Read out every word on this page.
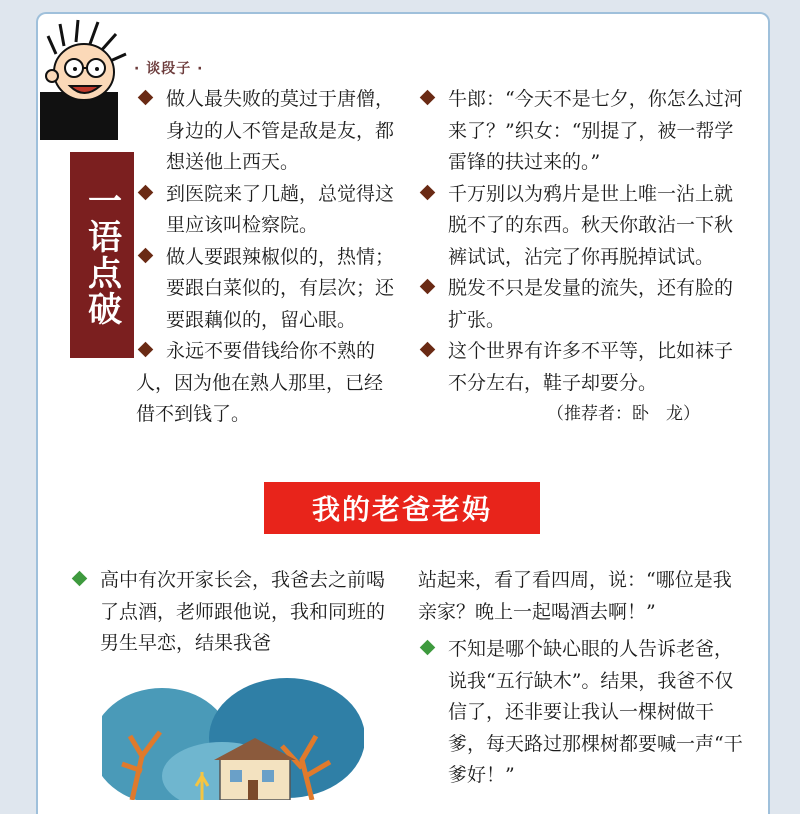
· 谈段子 ·
一语点破

做人最失败的莫过于唐僧，身边的人不管是敌是友，都想送他上西天。

到医院来了几趟，总觉得这里应该叫检察院。

做人要跟辣椒似的，热情；要跟白菜似的，有层次；还要跟藕似的，留心眼。

永远不要借钱给你不熟的人，因为他在熟人那里，已经借不到钱了。

牛郎：“今天不是七夕，你怎么过河来了？”织女：“别提了，被一帮学雷锋的扶过来的。”

千万别以为鸦片是世上唯一沾上就脱不了的东西。秋天你敢沾一下秋裤试试，沾完了你再脱掉试试。

脱发不只是发量的流失，还有脸的扩张。

这个世界有许多不平等，比如袜子不分左右，鞋子却要分。

（推荐者：卧　龙）

我的老爸老妈

高中有次开家长会，我爸去之前喝了点酒，老师跟他说，我和同班的男生早恋，结果我爸

站起来，看了看四周，说：“哪位是我亲家？晚上一起喝酒去啊！”

不知是哪个缺心眼的人告诉老爸，说我“五行缺木”。结果，我爸不仅信了，还非要让我认一棵树做干爹，每天路过那棵树都要喊一声“干爹好！”
